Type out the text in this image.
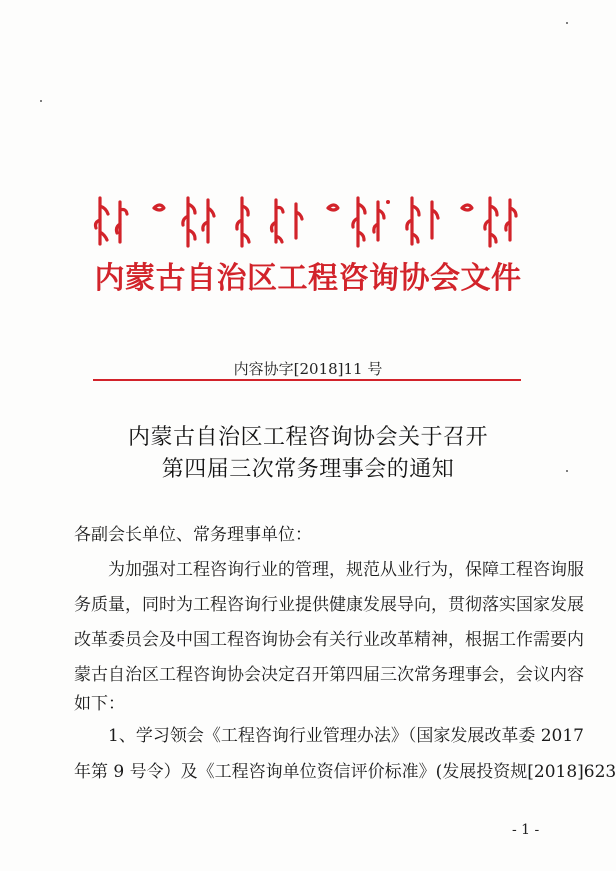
内蒙古自治区工程咨询协会文件
内容协字[2018]11 号
内蒙古自治区工程咨询协会关于召开
第四届三次常务理事会的通知
各副会长单位、常务理事单位：
为加强对工程咨询行业的管理，规范从业行为，保障工程咨询服
务质量，同时为工程咨询行业提供健康发展导向，贯彻落实国家发展
改革委员会及中国工程咨询协会有关行业改革精神，根据工作需要内
蒙古自治区工程咨询协会决定召开第四届三次常务理事会，会议内容
如下：
1、学习领会《工程咨询行业管理办法》（国家发展改革委 2017
年第 9 号令）及《工程咨询单位资信评价标准》(发展投资规[2018]623
- 1 -
